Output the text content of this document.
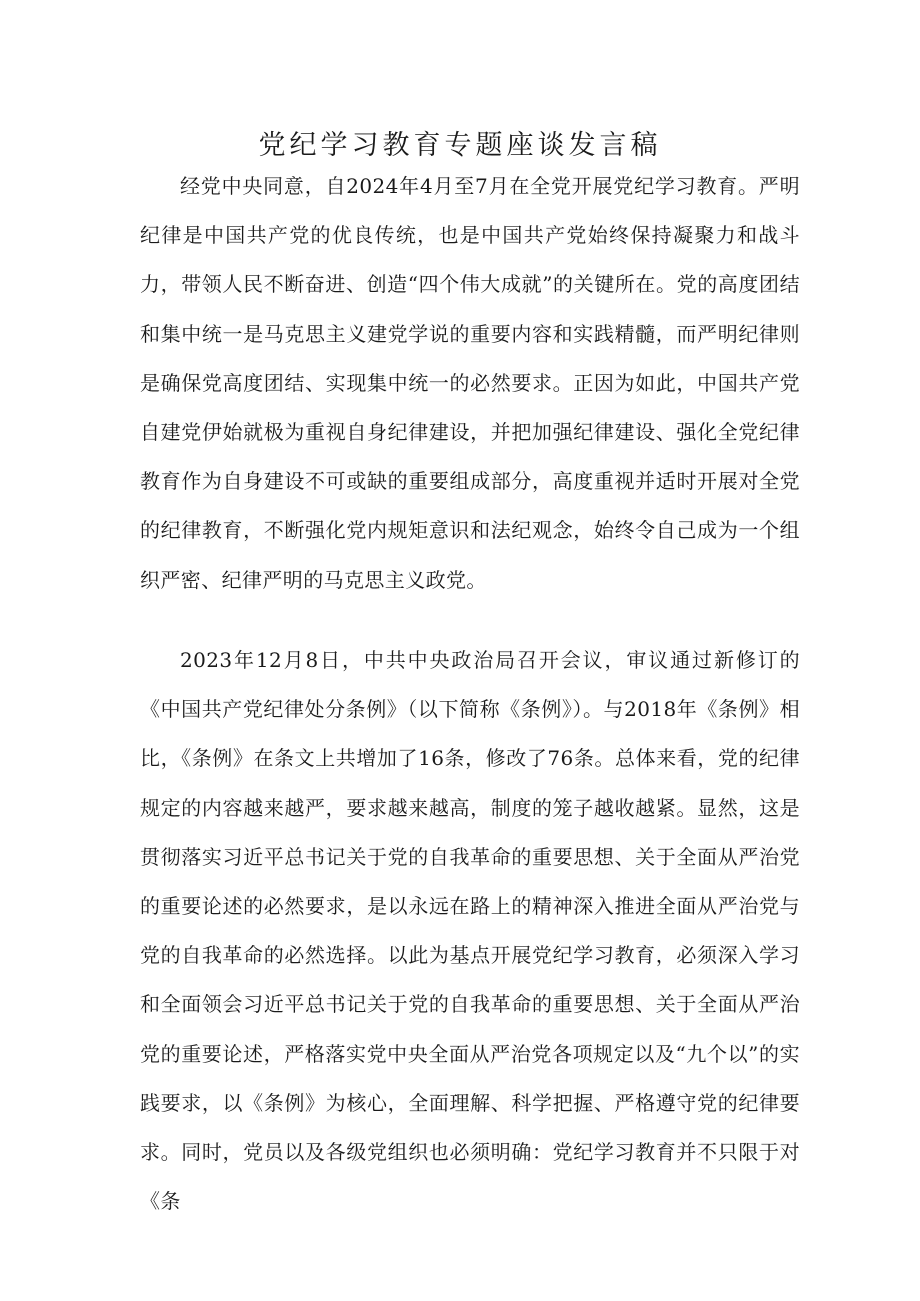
党纪学习教育专题座谈发言稿

经党中央同意，自2024年4月至7月在全党开展党纪学习教育。严明纪律是中国共产党的优良传统，也是中国共产党始终保持凝聚力和战斗力，带领人民不断奋进、创造“四个伟大成就”的关键所在。党的高度团结和集中统一是马克思主义建党学说的重要内容和实践精髓，而严明纪律则是确保党高度团结、实现集中统一的必然要求。正因为如此，中国共产党自建党伊始就极为重视自身纪律建设，并把加强纪律建设、强化全党纪律教育作为自身建设不可或缺的重要组成部分，高度重视并适时开展对全党的纪律教育，不断强化党内规矩意识和法纪观念，始终令自己成为一个组织严密、纪律严明的马克思主义政党。

2023年12月8日，中共中央政治局召开会议，审议通过新修订的《中国共产党纪律处分条例》（以下简称《条例》）。与2018年《条例》相比，《条例》在条文上共增加了16条，修改了76条。总体来看，党的纪律规定的内容越来越严，要求越来越高，制度的笼子越收越紧。显然，这是贯彻落实习近平总书记关于党的自我革命的重要思想、关于全面从严治党的重要论述的必然要求，是以永远在路上的精神深入推进全面从严治党与党的自我革命的必然选择。以此为基点开展党纪学习教育，必须深入学习和全面领会习近平总书记关于党的自我革命的重要思想、关于全面从严治党的重要论述，严格落实党中央全面从严治党各项规定以及“九个以”的实践要求，以《条例》为核心，全面理解、科学把握、严格遵守党的纪律要求。同时，党员以及各级党组织也必须明确：党纪学习教育并不只限于对《条
